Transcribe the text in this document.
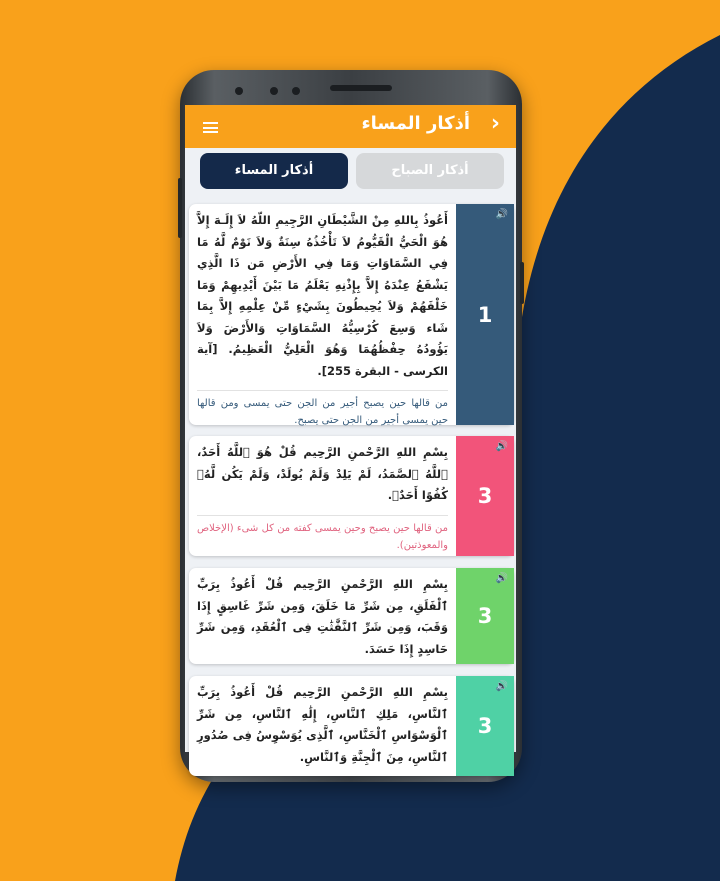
أذكار المساء ›
أذكار المساء	أذكار الصباح
🔊
1
أَعُوذُ بِاللهِ مِنْ الشَّيْطَانِ الرَّجِيمِ اللّهُ لاَ إِلَـهَ إِلاَّ هُوَ الْحَيُّ الْقَيُّومُ لاَ تَأْخُذُهُ سِنَةٌ وَلاَ نَوْمٌ لَّهُ مَا فِي السَّمَاوَاتِ وَمَا فِي الأَرْضِ مَن ذَا الَّذِي يَشْفَعُ عِنْدَهُ إِلاَّ بِإِذْنِهِ يَعْلَمُ مَا بَيْنَ أَيْدِيهِمْ وَمَا خَلْفَهُمْ وَلاَ يُحِيطُونَ بِشَيْءٍ مِّنْ عِلْمِهِ إِلاَّ بِمَا شَاء وَسِعَ كُرْسِيُّهُ السَّمَاوَاتِ وَالأَرْضَ وَلاَ يَؤُودُهُ حِفْظُهُمَا وَهُوَ الْعَلِيُّ الْعَظِيمُ. [آية الكرسى - البقرة 255].
من قالها حين يصبح أجير من الجن حتى يمسى ومن قالها حين يمسى أجير من الجن حتى يصبح.
🔊
3
بِسْمِ اللهِ الرَّحْمنِ الرَّحِيم قُلْ هُوَ ٱللَّهُ أَحَدٌ، ٱللَّهُ ٱلصَّمَدُ، لَمْ يَلِدْ وَلَمْ يُولَدْ، وَلَمْ يَكُن لَّهُۥ كُفُوًا أَحَدٌۢ.
من قالها حين يصبح وحين يمسى كفته من كل شىء (الإخلاص والمعوذتين).
🔊
3
بِسْمِ اللهِ الرَّحْمنِ الرَّحِيم قُلْ أَعُوذُ بِرَبِّ ٱلْفَلَقِ، مِن شَرِّ مَا خَلَقَ، وَمِن شَرِّ غَاسِقٍ إِذَا وَقَبَ، وَمِن شَرِّ ٱلنَّفَّٰثَٰتِ فِى ٱلْعُقَدِ، وَمِن شَرِّ حَاسِدٍ إِذَا حَسَدَ.
🔊
3
بِسْمِ اللهِ الرَّحْمنِ الرَّحِيم قُلْ أَعُوذُ بِرَبِّ ٱلنَّاسِ، مَلِكِ ٱلنَّاسِ، إِلَٰهِ ٱلنَّاسِ، مِن شَرِّ ٱلْوَسْوَاسِ ٱلْخَنَّاسِ، ٱلَّذِى يُوَسْوِسُ فِى صُدُورِ ٱلنَّاسِ، مِنَ ٱلْجِنَّةِ وَٱلنَّاسِ.
